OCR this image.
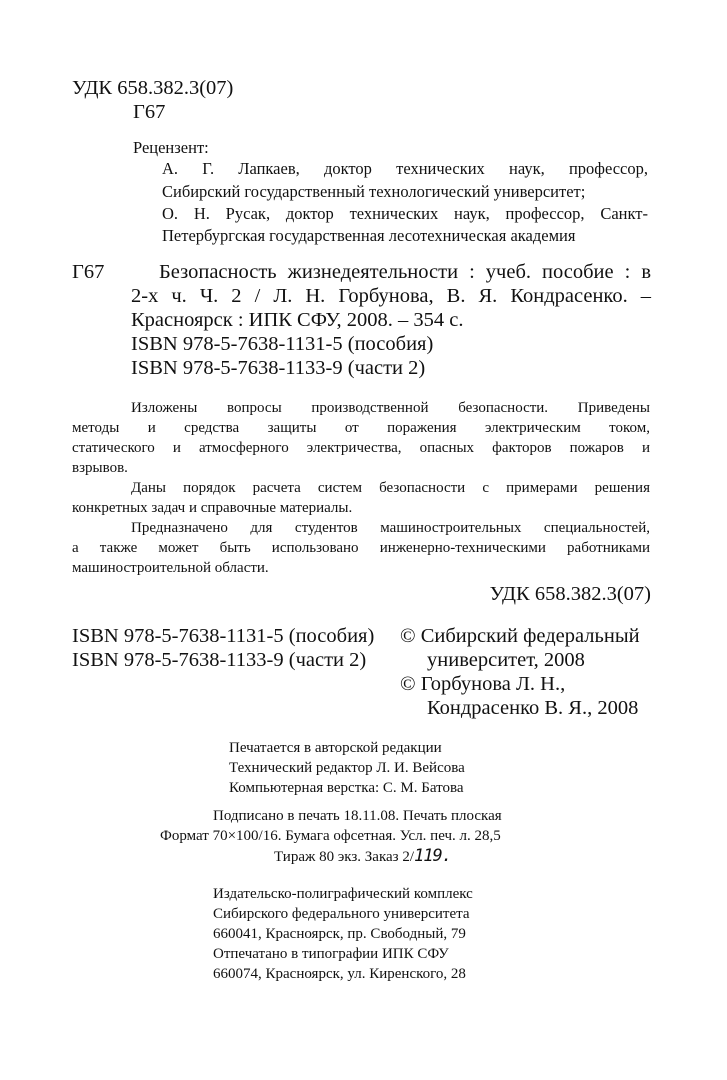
УДК 658.382.3(07)
Г67
Рецензент:
А. Г. Лапкаев, доктор технических наук, профессор,
Сибирский государственный технологический университет;
О. Н. Русак, доктор технических наук, профессор, Санкт-
Петербургская государственная лесотехническая академия
Г67	Безопасность жизнедеятельности : учеб. пособие : в
2-х ч. Ч. 2 / Л. Н. Горбунова, В. Я. Кондрасенко. –
Красноярск : ИПК СФУ, 2008. – 354 с.
ISBN 978-5-7638-1131-5 (пособия)
ISBN 978-5-7638-1133-9 (части 2)
Изложены вопросы производственной безопасности. Приведены
методы и средства защиты от поражения электрическим током,
статического и атмосферного электричества, опасных факторов пожаров и
взрывов.
Даны порядок расчета систем безопасности с примерами решения
конкретных задач и справочные материалы.
Предназначено для студентов машиностроительных специальностей,
а также может быть использовано инженерно-техническими работниками
машиностроительной области.
УДК 658.382.3(07)
ISBN 978-5-7638-1131-5 (пособия)
ISBN 978-5-7638-1133-9 (части 2)
© Сибирский федеральный
университет, 2008
© Горбунова Л. Н.,
Кондрасенко В. Я., 2008
Печатается в авторской редакции
Технический редактор Л. И. Вейсова
Компьютерная верстка: С. М. Батова
Подписано в печать 18.11.08. Печать плоская
Формат 70×100/16. Бумага офсетная. Усл. печ. л. 28,5
Тираж 80 экз. Заказ 2/119.
Издательско-полиграфический комплекс
Сибирского федерального университета
660041, Красноярск, пр. Свободный, 79
Отпечатано в типографии ИПК СФУ
660074, Красноярск, ул. Киренского, 28
